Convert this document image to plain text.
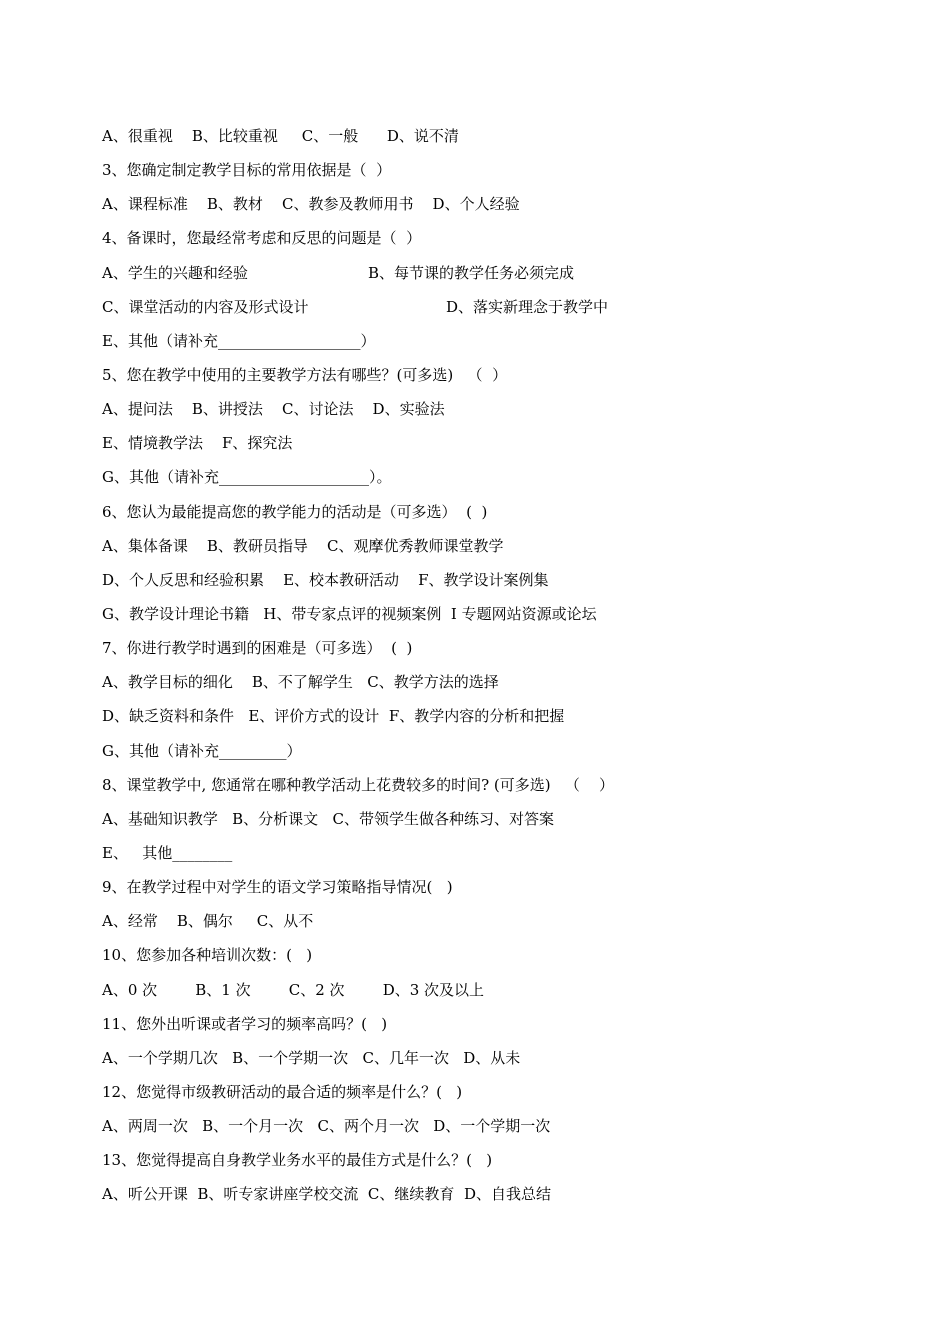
A、很重视    B、比较重视     C、一般      D、说不清
3、您确定制定教学目标的常用依据是（  ）
A、课程标准    B、教材    C、教参及教师用书    D、个人经验
4、备课时，您最经常考虑和反思的问题是（  ）
A、学生的兴趣和经验	B、每节课的教学任务必须完成
C、课堂活动的内容及形式设计	D、落实新理念于教学中
E、其他（请补充___________________）
5、您在教学中使用的主要教学方法有哪些？(可多选)   （  ）
A、提问法    B、讲授法    C、讨论法    D、实验法
E、情境教学法    F、探究法
G、其他（请补充____________________）。
6、您认为最能提高您的教学能力的活动是（可多选）  (  )
A、集体备课    B、教研员指导    C、观摩优秀教师课堂教学
D、个人反思和经验积累    E、校本教研活动    F、教学设计案例集
G、教学设计理论书籍   H、带专家点评的视频案例  I 专题网站资源或论坛
7、你进行教学时遇到的困难是（可多选）  (  )
A、教学目标的细化    B、不了解学生   C、教学方法的选择
D、缺乏资料和条件   E、评价方式的设计  F、教学内容的分析和把握
G、其他（请补充_________）
8、课堂教学中, 您通常在哪种教学活动上花费较多的时间? (可多选)   （    ）
A、基础知识教学   B、分析课文   C、带领学生做各种练习、对答案
E、   其他________
9、在教学过程中对学生的语文学习策略指导情况(   )
A、经常    B、偶尔     C、从不
10、您参加各种培训次数：(   )
A、0 次        B、1 次        C、2 次        D、3 次及以上
11、您外出听课或者学习的频率高吗？(   )
A、一个学期几次   B、一个学期一次   C、几年一次   D、从未
12、您觉得市级教研活动的最合适的频率是什么？(   )
A、两周一次   B、一个月一次   C、两个月一次   D、一个学期一次
13、您觉得提高自身教学业务水平的最佳方式是什么？(   )
A、听公开课  B、听专家讲座学校交流  C、继续教育  D、自我总结
